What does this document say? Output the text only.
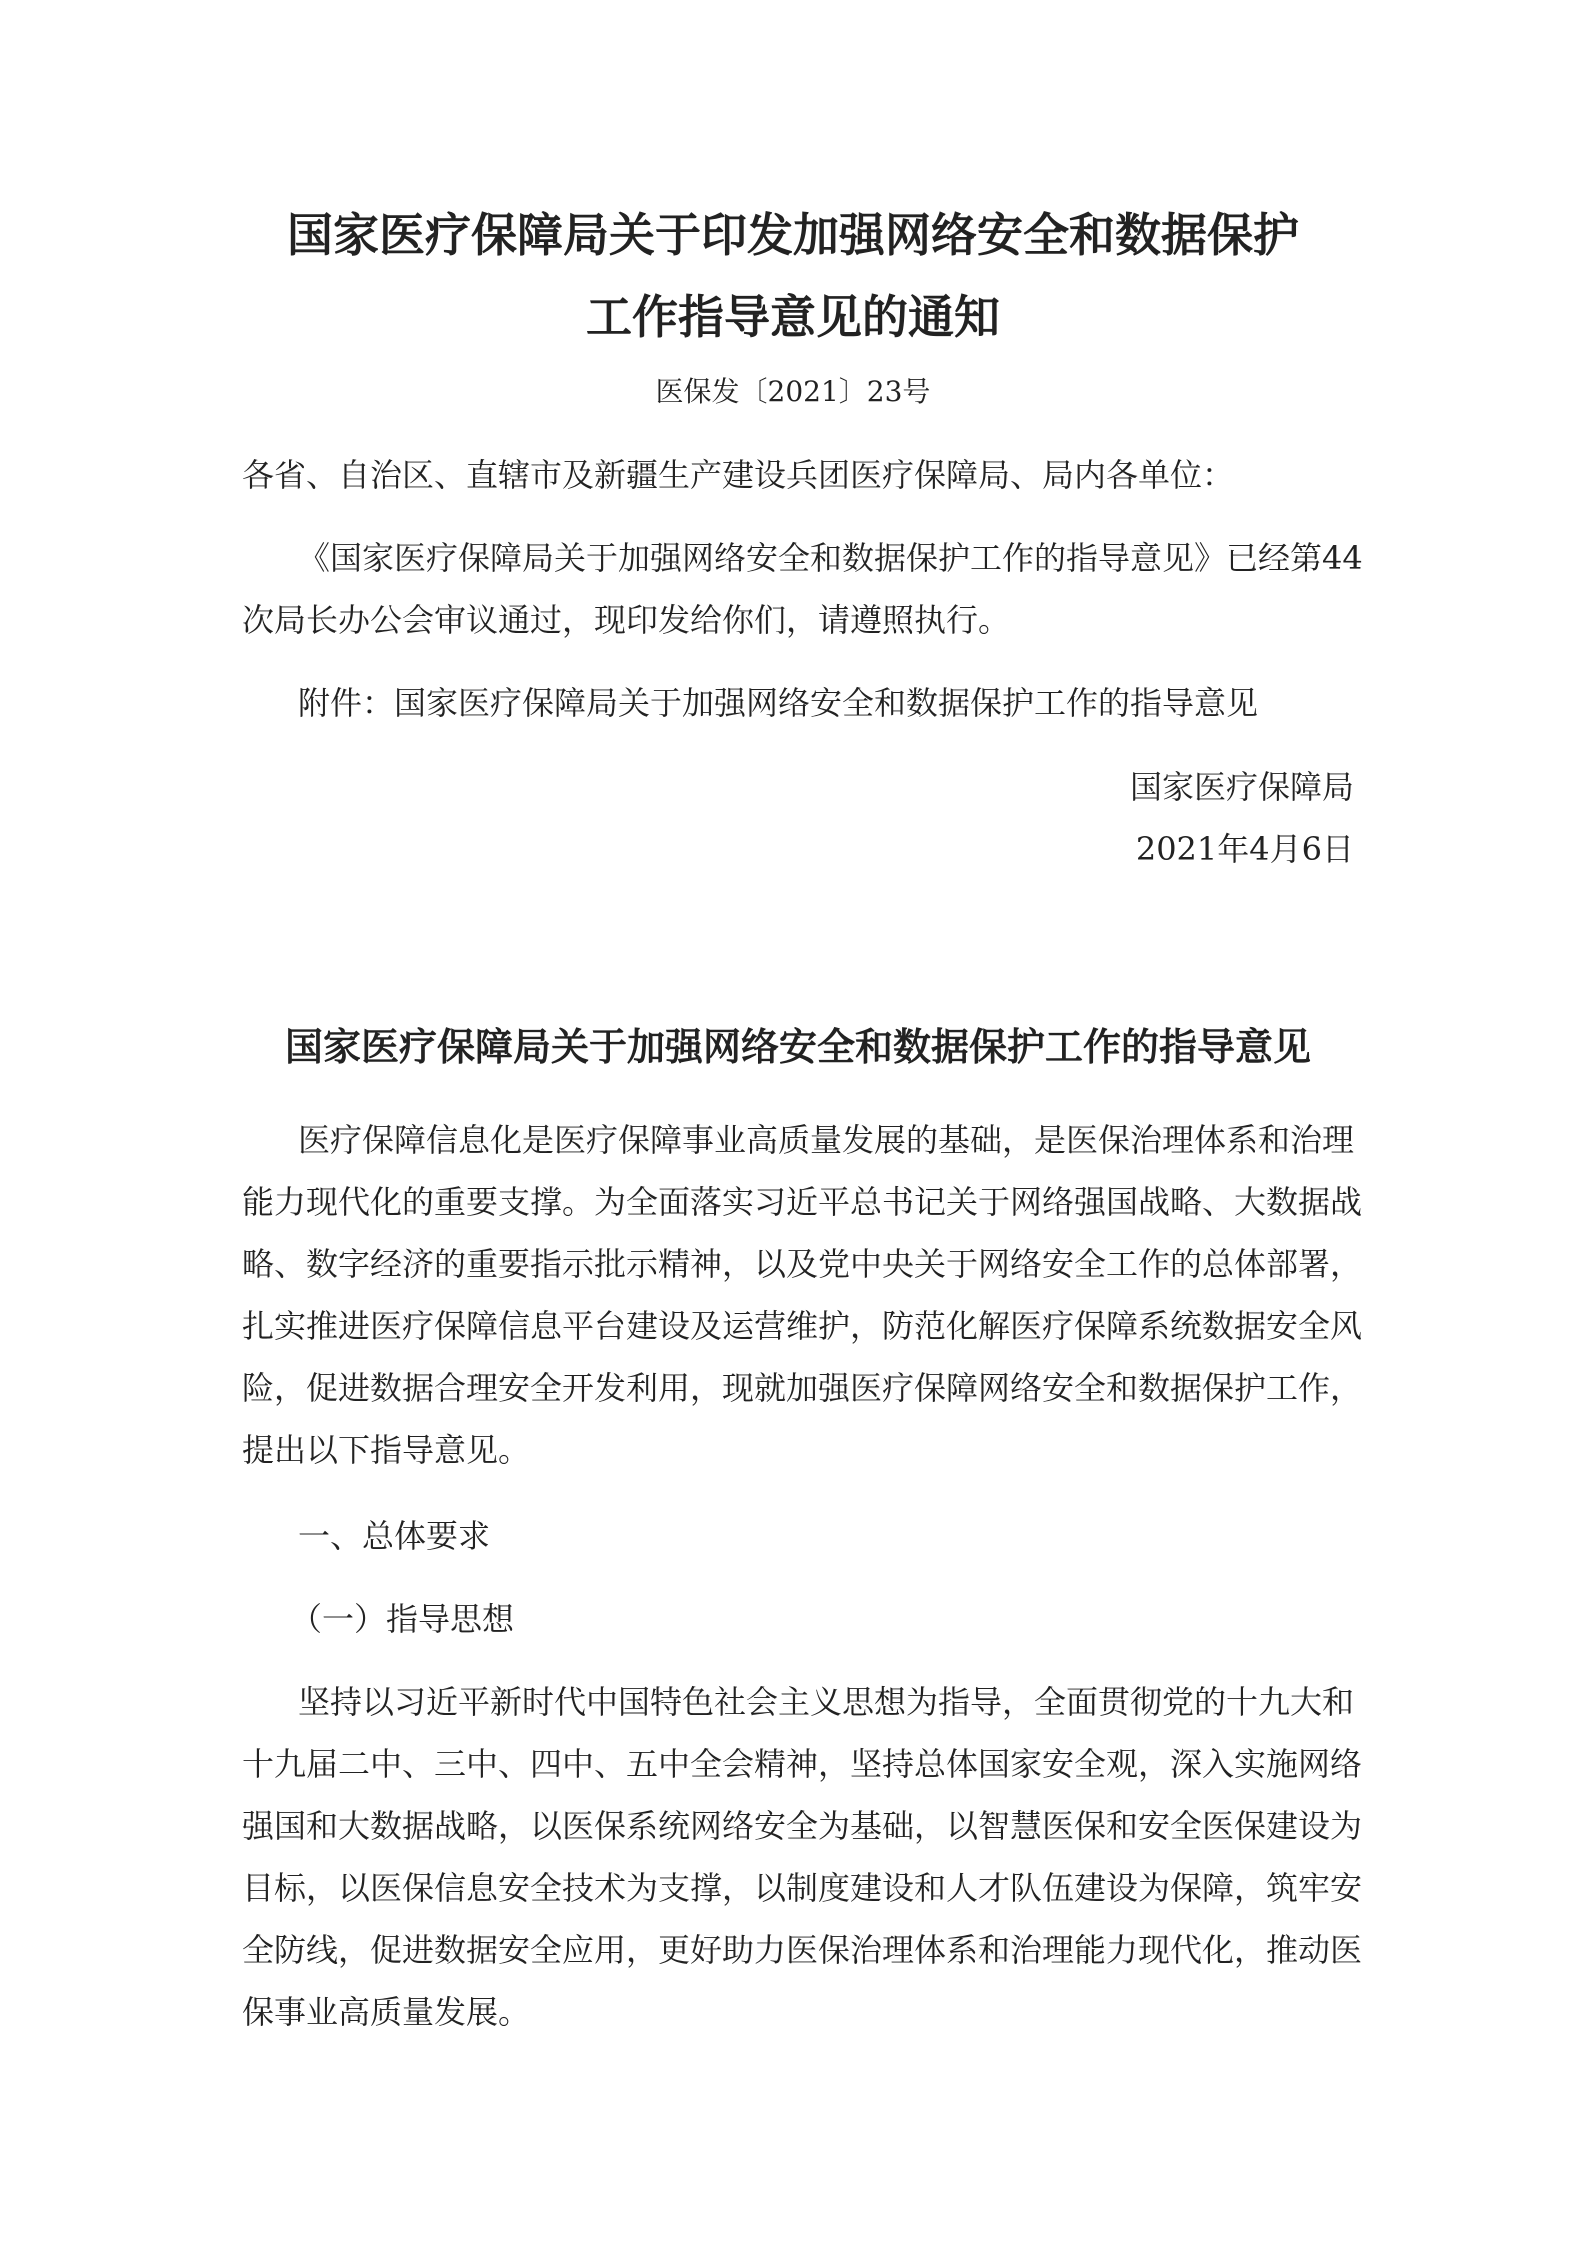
国家医疗保障局关于印发加强网络安全和数据保护
工作指导意见的通知
医保发〔2021〕23号
各省、自治区、直辖市及新疆生产建设兵团医疗保障局、局内各单位：
《国家医疗保障局关于加强网络安全和数据保护工作的指导意见》已经第44
次局长办公会审议通过，现印发给你们，请遵照执行。
附件：国家医疗保障局关于加强网络安全和数据保护工作的指导意见
国家医疗保障局
2021年4月6日
国家医疗保障局关于加强网络安全和数据保护工作的指导意见
医疗保障信息化是医疗保障事业高质量发展的基础，是医保治理体系和治理
能力现代化的重要支撑。为全面落实习近平总书记关于网络强国战略、大数据战
略、数字经济的重要指示批示精神，以及党中央关于网络安全工作的总体部署，
扎实推进医疗保障信息平台建设及运营维护，防范化解医疗保障系统数据安全风
险，促进数据合理安全开发利用，现就加强医疗保障网络安全和数据保护工作，
提出以下指导意见。
一、总体要求
（一）指导思想
坚持以习近平新时代中国特色社会主义思想为指导，全面贯彻党的十九大和
十九届二中、三中、四中、五中全会精神，坚持总体国家安全观，深入实施网络
强国和大数据战略，以医保系统网络安全为基础，以智慧医保和安全医保建设为
目标，以医保信息安全技术为支撑，以制度建设和人才队伍建设为保障，筑牢安
全防线，促进数据安全应用，更好助力医保治理体系和治理能力现代化，推动医
保事业高质量发展。
